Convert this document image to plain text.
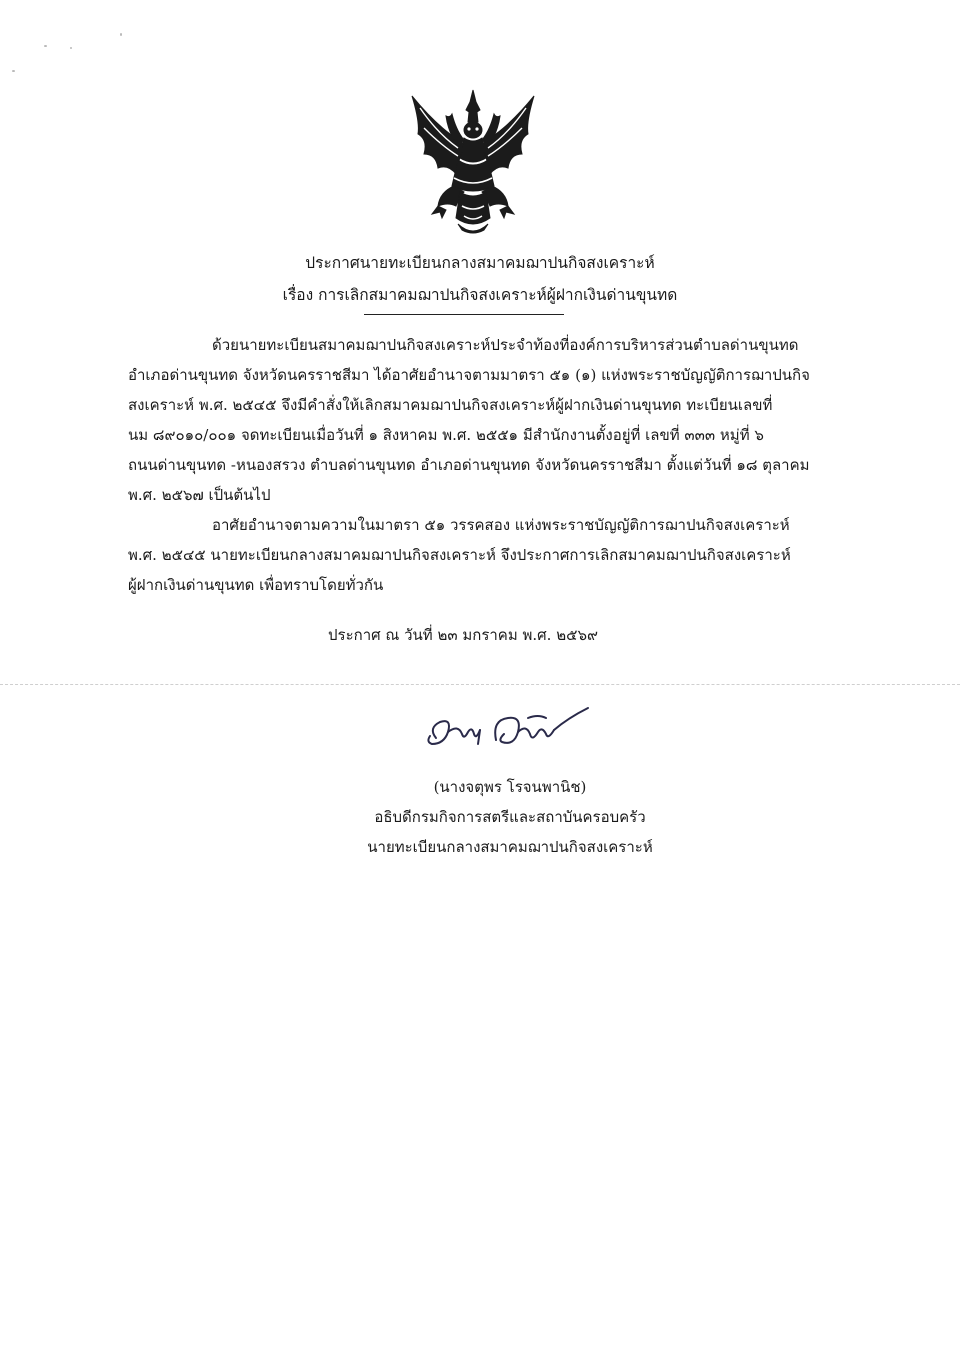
ประกาศนายทะเบียนกลางสมาคมฌาปนกิจสงเคราะห์
เรื่อง การเลิกสมาคมฌาปนกิจสงเคราะห์ผู้ฝากเงินด่านขุนทด
ด้วยนายทะเบียนสมาคมฌาปนกิจสงเคราะห์ประจำท้องที่องค์การบริหารส่วนตำบลด่านขุนทด
อำเภอด่านขุนทด จังหวัดนครราชสีมา ได้อาศัยอำนาจตามมาตรา ๕๑ (๑) แห่งพระราชบัญญัติการฌาปนกิจ
สงเคราะห์ พ.ศ. ๒๕๔๕ จึงมีคำสั่งให้เลิกสมาคมฌาปนกิจสงเคราะห์ผู้ฝากเงินด่านขุนทด ทะเบียนเลขที่
นม ๘๙๐๑๐/๐๐๑ จดทะเบียนเมื่อวันที่ ๑ สิงหาคม พ.ศ. ๒๕๕๑ มีสำนักงานตั้งอยู่ที่ เลขที่ ๓๓๓ หมู่ที่ ๖
ถนนด่านขุนทด -หนองสรวง ตำบลด่านขุนทด อำเภอด่านขุนทด จังหวัดนครราชสีมา ตั้งแต่วันที่ ๑๘ ตุลาคม
พ.ศ. ๒๕๖๗ เป็นต้นไป
อาศัยอำนาจตามความในมาตรา ๕๑ วรรคสอง แห่งพระราชบัญญัติการฌาปนกิจสงเคราะห์
พ.ศ. ๒๕๔๕ นายทะเบียนกลางสมาคมฌาปนกิจสงเคราะห์ จึงประกาศการเลิกสมาคมฌาปนกิจสงเคราะห์
ผู้ฝากเงินด่านขุนทด เพื่อทราบโดยทั่วกัน
ประกาศ ณ วันที่ ๒๓ มกราคม พ.ศ. ๒๕๖๙
(นางจตุพร โรจนพานิช)
อธิบดีกรมกิจการสตรีและสถาบันครอบครัว
นายทะเบียนกลางสมาคมฌาปนกิจสงเคราะห์
